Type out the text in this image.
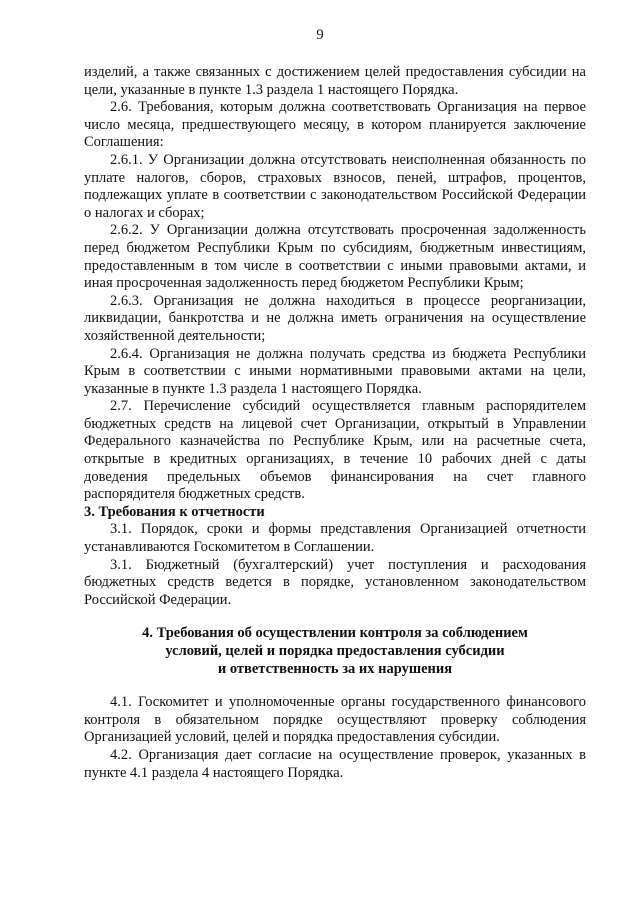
9

изделий, а также связанных с достижением целей предоставления субсидии на цели, указанные в пункте 1.3 раздела 1 настоящего Порядка.

2.6. Требования, которым должна соответствовать Организация на первое число месяца, предшествующего месяцу, в котором планируется заключение Соглашения:

2.6.1. У Организации должна отсутствовать неисполненная обязанность по уплате налогов, сборов, страховых взносов, пеней, штрафов, процентов, подлежащих уплате в соответствии с законодательством Российской Федерации о налогах и сборах;

2.6.2. У Организации должна отсутствовать просроченная задолженность перед бюджетом Республики Крым по субсидиям, бюджетным инвестициям, предоставленным в том числе в соответствии с иными правовыми актами, и иная просроченная задолженность перед бюджетом Республики Крым;

2.6.3. Организация не должна находиться в процессе реорганизации, ликвидации, банкротства и не должна иметь ограничения на осуществление хозяйственной деятельности;

2.6.4. Организация не должна получать средства из бюджета Республики Крым в соответствии с иными нормативными правовыми актами на цели, указанные в пункте 1.3 раздела 1 настоящего Порядка.

2.7. Перечисление субсидий осуществляется главным распорядителем бюджетных средств на лицевой счет Организации, открытый в Управлении Федерального казначейства по Республике Крым, или на расчетные счета, открытые в кредитных организациях, в течение 10 рабочих дней с даты доведения предельных объемов финансирования на счет главного распорядителя бюджетных средств.

3. Требования к отчетности

3.1. Порядок, сроки и формы представления Организацией отчетности устанавливаются Госкомитетом в Соглашении.

3.1. Бюджетный (бухгалтерский) учет поступления и расходования бюджетных средств ведется в порядке, установленном законодательством Российской Федерации.

4. Требования об осуществлении контроля за соблюдением
условий, целей и порядка предоставления субсидии
и ответственность за их нарушения

4.1. Госкомитет и уполномоченные органы государственного финансового контроля в обязательном порядке осуществляют проверку соблюдения Организацией условий, целей и порядка предоставления субсидии.

4.2. Организация дает согласие на осуществление проверок, указанных в пункте 4.1 раздела 4 настоящего Порядка.
